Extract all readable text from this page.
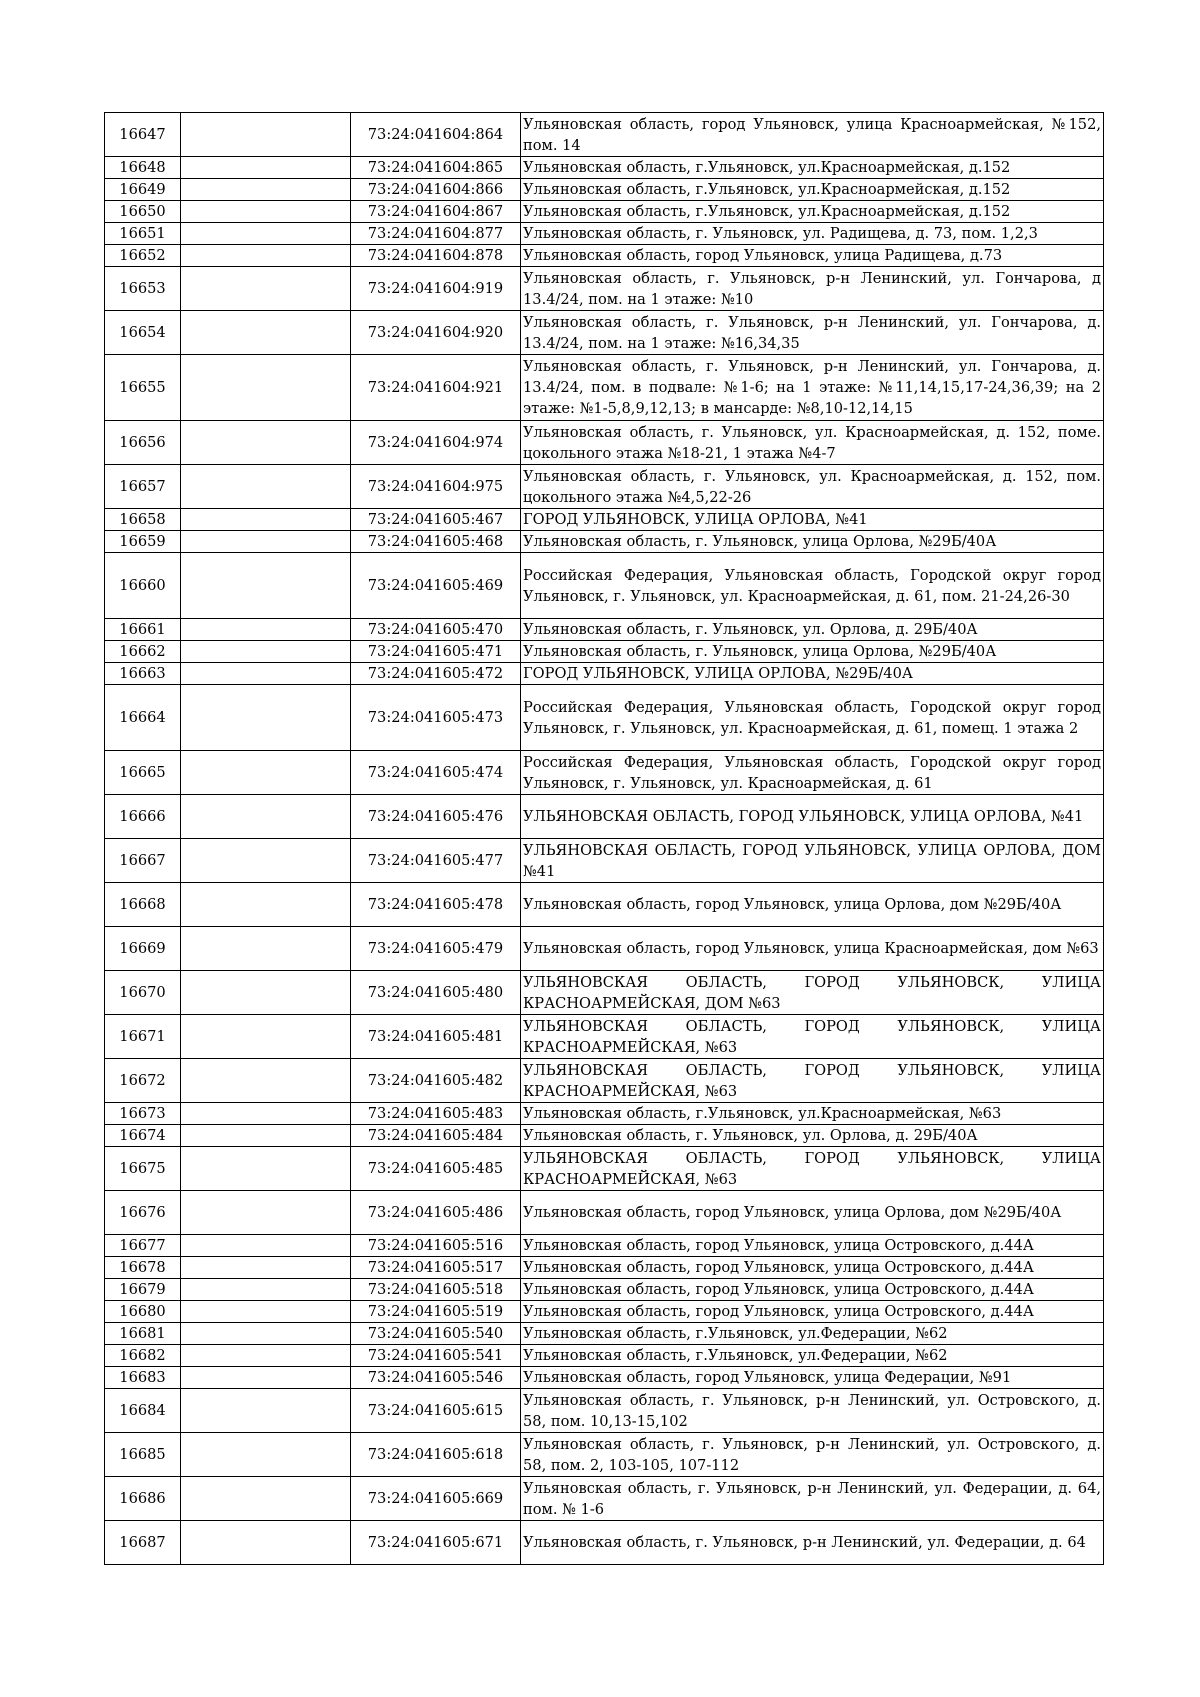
16647		73:24:041604:864	Ульяновская область, город Ульяновск, улица Красноармейская, №152, пом. 14
16648		73:24:041604:865	Ульяновская область, г.Ульяновск, ул.Красноармейская, д.152
16649		73:24:041604:866	Ульяновская область, г.Ульяновск, ул.Красноармейская, д.152
16650		73:24:041604:867	Ульяновская область, г.Ульяновск, ул.Красноармейская, д.152
16651		73:24:041604:877	Ульяновская область, г. Ульяновск, ул. Радищева, д. 73, пом. 1,2,3
16652		73:24:041604:878	Ульяновская область, город Ульяновск, улица Радищева, д.73
16653		73:24:041604:919	Ульяновская область, г. Ульяновск, р-н Ленинский, ул. Гончарова, д 13.4/24, пом. на 1 этаже: №10
16654		73:24:041604:920	Ульяновская область, г. Ульяновск, р-н Ленинский, ул. Гончарова, д. 13.4/24, пом. на 1 этаже: №16,34,35
16655		73:24:041604:921	Ульяновская область, г. Ульяновск, р-н Ленинский, ул. Гончарова, д. 13.4/24, пом. в подвале: №1-6; на 1 этаже: №11,14,15,17-24,36,39; на 2 этаже: №1-5,8,9,12,13; в мансарде: №8,10-12,14,15
16656		73:24:041604:974	Ульяновская область, г. Ульяновск, ул. Красноармейская, д. 152, поме. цокольного этажа №18-21, 1 этажа №4-7
16657		73:24:041604:975	Ульяновская область, г. Ульяновск, ул. Красноармейская, д. 152, пом. цокольного этажа №4,5,22-26
16658		73:24:041605:467	ГОРОД УЛЬЯНОВСК, УЛИЦА ОРЛОВА, №41
16659		73:24:041605:468	Ульяновская область, г. Ульяновск, улица Орлова, №29Б/40А
16660		73:24:041605:469	Российская Федерация, Ульяновская область, Городской округ город Ульяновск, г. Ульяновск, ул. Красноармейская, д. 61, пом. 21-24,26-30
16661		73:24:041605:470	Ульяновская область, г. Ульяновск, ул. Орлова, д. 29Б/40А
16662		73:24:041605:471	Ульяновская область, г. Ульяновск, улица Орлова, №29Б/40А
16663		73:24:041605:472	ГОРОД УЛЬЯНОВСК, УЛИЦА ОРЛОВА, №29Б/40А
16664		73:24:041605:473	Российская Федерация, Ульяновская область, Городской округ город Ульяновск, г. Ульяновск, ул. Красноармейская, д. 61, помещ. 1 этажа 2
16665		73:24:041605:474	Российская Федерация, Ульяновская область, Городской округ город Ульяновск, г. Ульяновск, ул. Красноармейская, д. 61
16666		73:24:041605:476	УЛЬЯНОВСКАЯ ОБЛАСТЬ, ГОРОД УЛЬЯНОВСК, УЛИЦА ОРЛОВА, №41
16667		73:24:041605:477	УЛЬЯНОВСКАЯ ОБЛАСТЬ, ГОРОД УЛЬЯНОВСК, УЛИЦА ОРЛОВА, ДОМ №41
16668		73:24:041605:478	Ульяновская область, город Ульяновск, улица Орлова, дом №29Б/40А
16669		73:24:041605:479	Ульяновская область, город Ульяновск, улица Красноармейская, дом №63
16670		73:24:041605:480	УЛЬЯНОВСКАЯ ОБЛАСТЬ, ГОРОД УЛЬЯНОВСК, УЛИЦА КРАСНОАРМЕЙСКАЯ, ДОМ №63
16671		73:24:041605:481	УЛЬЯНОВСКАЯ ОБЛАСТЬ, ГОРОД УЛЬЯНОВСК, УЛИЦА КРАСНОАРМЕЙСКАЯ, №63
16672		73:24:041605:482	УЛЬЯНОВСКАЯ ОБЛАСТЬ, ГОРОД УЛЬЯНОВСК, УЛИЦА КРАСНОАРМЕЙСКАЯ, №63
16673		73:24:041605:483	Ульяновская область, г.Ульяновск, ул.Красноармейская, №63
16674		73:24:041605:484	Ульяновская область, г. Ульяновск, ул. Орлова, д. 29Б/40А
16675		73:24:041605:485	УЛЬЯНОВСКАЯ ОБЛАСТЬ, ГОРОД УЛЬЯНОВСК, УЛИЦА КРАСНОАРМЕЙСКАЯ, №63
16676		73:24:041605:486	Ульяновская область, город Ульяновск, улица Орлова, дом №29Б/40А
16677		73:24:041605:516	Ульяновская область, город Ульяновск, улица Островского, д.44А
16678		73:24:041605:517	Ульяновская область, город Ульяновск, улица Островского, д.44А
16679		73:24:041605:518	Ульяновская область, город Ульяновск, улица Островского, д.44А
16680		73:24:041605:519	Ульяновская область, город Ульяновск, улица Островского, д.44А
16681		73:24:041605:540	Ульяновская область, г.Ульяновск, ул.Федерации, №62
16682		73:24:041605:541	Ульяновская область, г.Ульяновск, ул.Федерации, №62
16683		73:24:041605:546	Ульяновская область, город Ульяновск, улица Федерации, №91
16684		73:24:041605:615	Ульяновская область, г. Ульяновск, р-н Ленинский, ул. Островского, д. 58, пом. 10,13-15,102
16685		73:24:041605:618	Ульяновская область, г. Ульяновск, р-н Ленинский, ул. Островского, д. 58, пом. 2, 103-105, 107-112
16686		73:24:041605:669	Ульяновская область, г. Ульяновск, р-н Ленинский, ул. Федерации, д. 64, пом. № 1-6
16687		73:24:041605:671	Ульяновская область, г. Ульяновск, р-н Ленинский, ул. Федерации, д. 64
